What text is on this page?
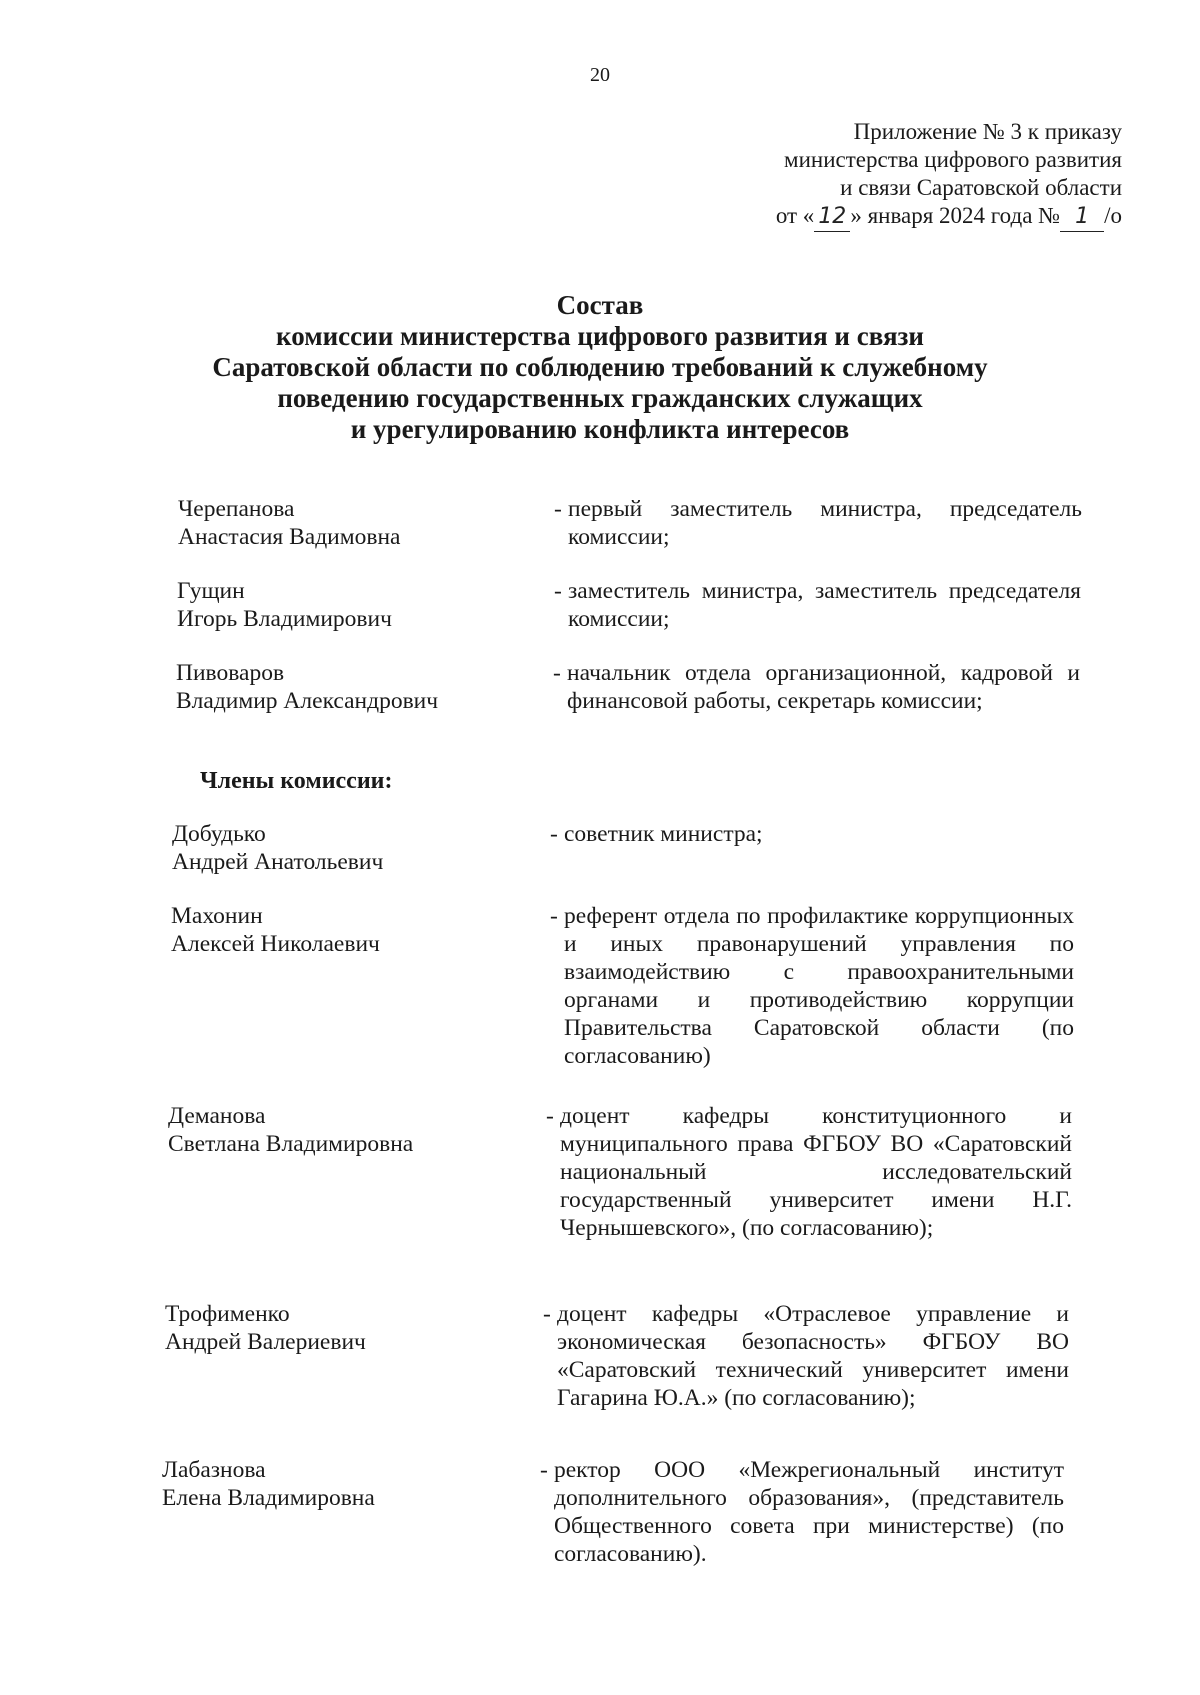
20
Приложение № 3 к приказу
министерства цифрового развития
и связи Саратовской области
от « 12 » января 2024 года № 1 /о
Состав
комиссии министерства цифрового развития и связи
Саратовской области по соблюдению требований к служебному
поведению государственных гражданских служащих
и урегулированию конфликта интересов
Черепанова
Анастасия Вадимовна
- первый заместитель министра, председатель комиссии;
Гущин
Игорь Владимирович
- заместитель министра, заместитель председателя комиссии;
Пивоваров
Владимир Александрович
- начальник отдела организационной, кадровой и финансовой работы, секретарь комиссии;
Члены комиссии:
Добудько
Андрей Анатольевич
- советник министра;
Махонин
Алексей Николаевич
- референт отдела по профилактике коррупционных и иных правонарушений управления по взаимодействию с правоохранительными органами и противодействию коррупции Правительства Саратовской области (по согласованию)
Деманова
Светлана Владимировна
- доцент кафедры конституционного и муниципального права ФГБОУ ВО «Саратовский национальный исследовательский государственный университет имени Н.Г. Чернышевского», (по согласованию);
Трофименко
Андрей Валериевич
- доцент кафедры «Отраслевое управление и экономическая безопасность» ФГБОУ ВО «Саратовский технический университет имени Гагарина Ю.А.» (по согласованию);
Лабазнова
Елена Владимировна
- ректор ООО «Межрегиональный институт дополнительного образования», (представитель Общественного совета при министерстве) (по согласованию).
